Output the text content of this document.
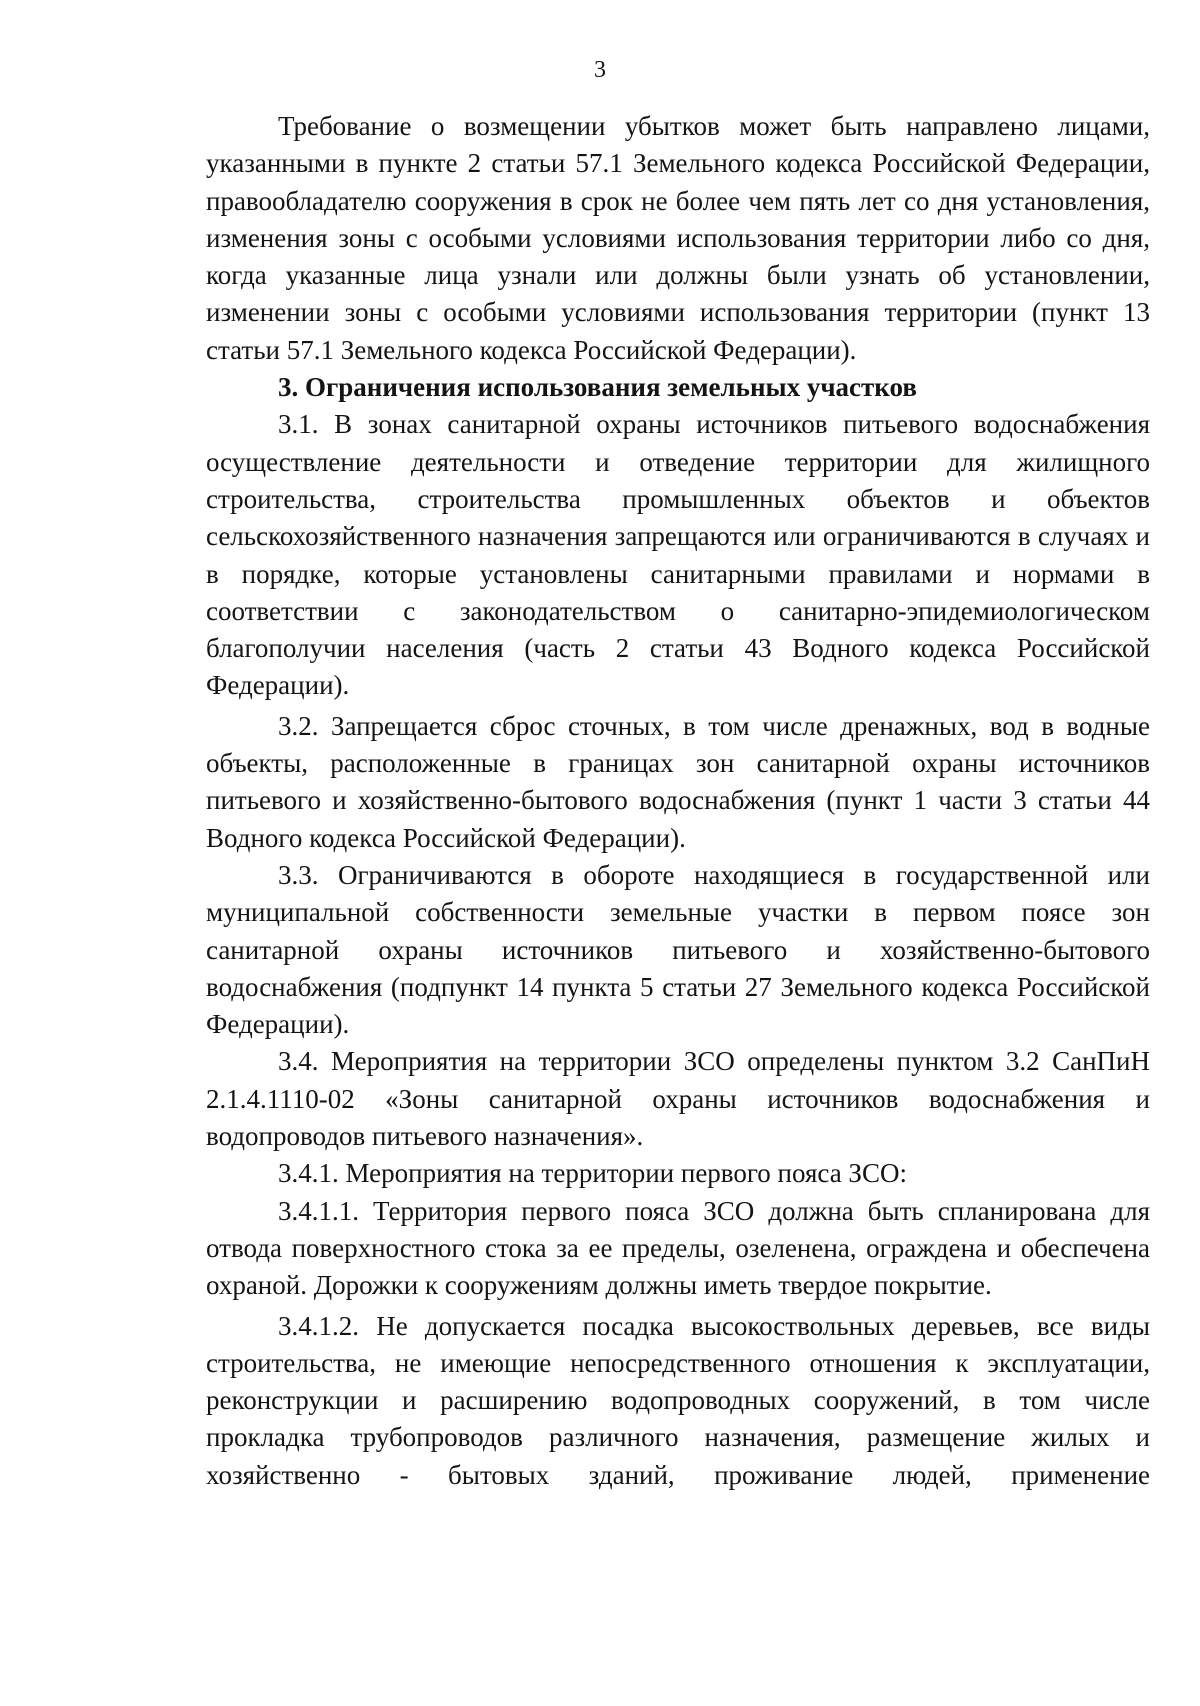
3

Требование о возмещении убытков может быть направлено лицами, указанными в пункте 2 статьи 57.1 Земельного кодекса Российской Федерации, правообладателю сооружения в срок не более чем пять лет со дня установления, изменения зоны с особыми условиями использования территории либо со дня, когда указанные лица узнали или должны были узнать об установлении, изменении зоны с особыми условиями использования территории (пункт 13 статьи 57.1 Земельного кодекса Российской Федерации).

3. Ограничения использования земельных участков

3.1. В зонах санитарной охраны источников питьевого водоснабжения осуществление деятельности и отведение территории для жилищного строительства, строительства промышленных объектов и объектов сельскохозяйственного назначения запрещаются или ограничиваются в случаях и в порядке, которые установлены санитарными правилами и нормами в соответствии с законодательством о санитарно-эпидемиологическом благополучии населения (часть 2 статьи 43 Водного кодекса Российской Федерации).

3.2. Запрещается сброс сточных, в том числе дренажных, вод в водные объекты, расположенные в границах зон санитарной охраны источников питьевого и хозяйственно-бытового водоснабжения (пункт 1 части 3 статьи 44 Водного кодекса Российской Федерации).

3.3. Ограничиваются в обороте находящиеся в государственной или муниципальной собственности земельные участки в первом поясе зон санитарной охраны источников питьевого и хозяйственно-бытового водоснабжения (подпункт 14 пункта 5 статьи 27 Земельного кодекса Российской Федерации).

3.4. Мероприятия на территории ЗСО определены пунктом 3.2 СанПиН 2.1.4.1110-02 «Зоны санитарной охраны источников водоснабжения и водопроводов питьевого назначения».

3.4.1. Мероприятия на территории первого пояса ЗСО:

3.4.1.1. Территория первого пояса ЗСО должна быть спланирована для отвода поверхностного стока за ее пределы, озеленена, ограждена и обеспечена охраной. Дорожки к сооружениям должны иметь твердое покрытие.

3.4.1.2. Не допускается посадка высокоствольных деревьев, все виды строительства, не имеющие непосредственного отношения к эксплуатации, реконструкции и расширению водопроводных сооружений, в том числе прокладка трубопроводов различного назначения, размещение жилых и хозяйственно - бытовых зданий, проживание людей, применение
